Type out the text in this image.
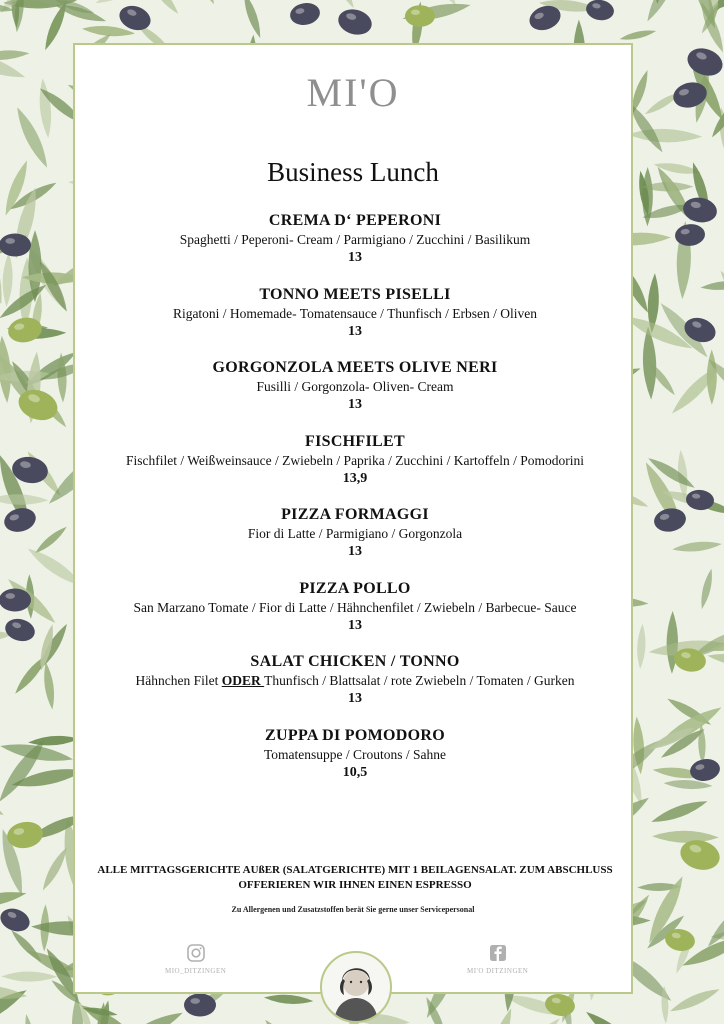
MI'O
Business Lunch
CREMA D‘ PEPERONI
Spaghetti / Peperoni- Cream / Parmigiano / Zucchini / Basilikum
13
TONNO MEETS PISELLI
Rigatoni / Homemade- Tomatensauce / Thunfisch / Erbsen / Oliven
13
GORGONZOLA MEETS OLIVE NERI
Fusilli / Gorgonzola- Oliven- Cream
13
FISCHFILET
Fischfilet / Weißweinsauce / Zwiebeln / Paprika / Zucchini / Kartoffeln / Pomodorini
13,9
PIZZA FORMAGGI
Fior di Latte / Parmigiano / Gorgonzola
13
PIZZA POLLO
San Marzano Tomate / Fior di Latte / Hähnchenfilet / Zwiebeln / Barbecue- Sauce
13
SALAT CHICKEN / TONNO
Hähnchen Filet ODER Thunfisch / Blattsalat / rote Zwiebeln / Tomaten / Gurken
13
ZUPPA DI POMODORO
Tomatensuppe / Croutons / Sahne
10,5
ALLE MITTAGSGERICHTE AUßER (SALATGERICHTE) MIT 1 BEILAGENSALAT. ZUM ABSCHLUSS OFFERIEREN WIR IHNEN EINEN ESPRESSO
Zu Allergenen und Zusatzstoffen berät Sie gerne unser Servicepersonal
MIO_DITZINGEN	MI'O DITZINGEN
